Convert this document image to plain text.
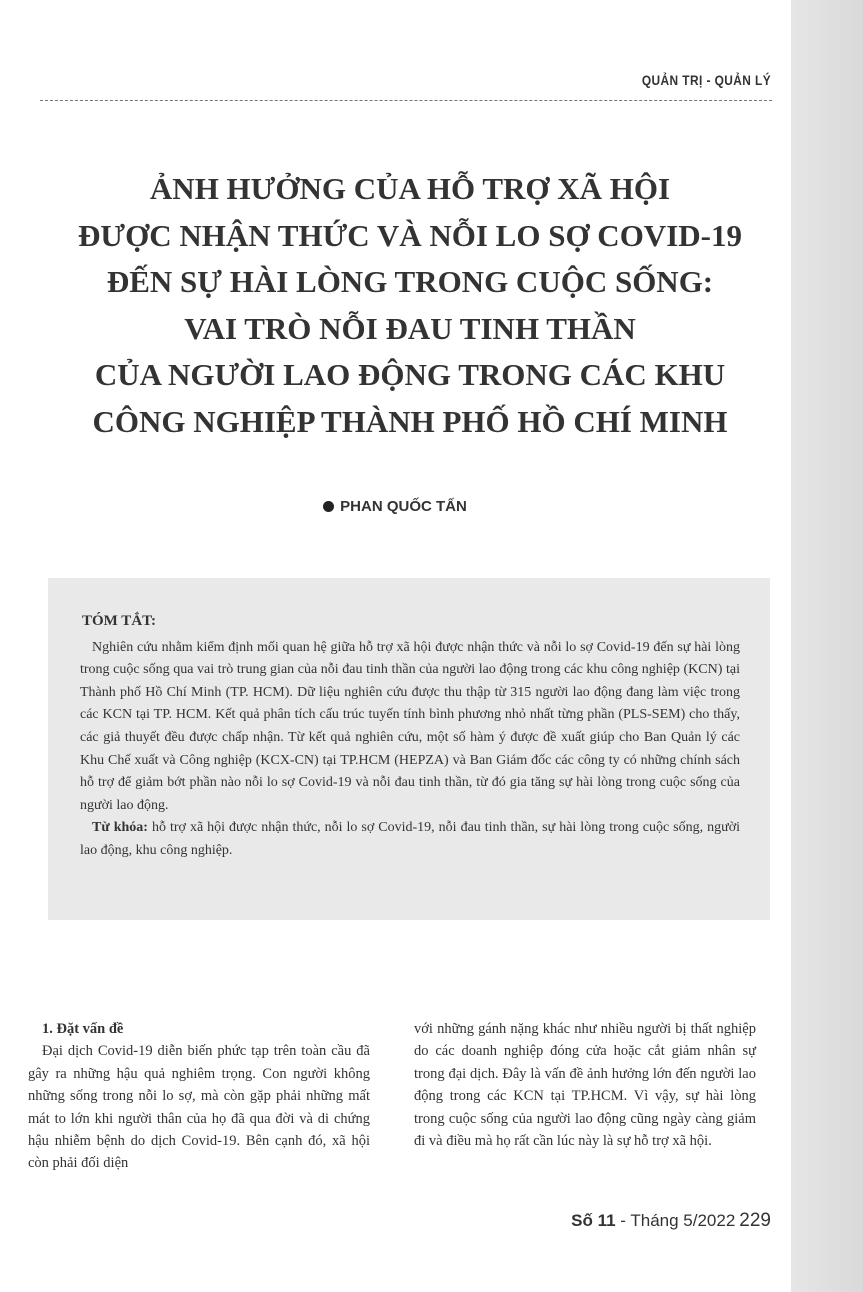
QUẢN TRỊ - QUẢN LÝ
ẢNH HƯỞNG CỦA HỖ TRỢ XÃ HỘI
ĐƯỢC NHẬN THỨC VÀ NỖI LO SỢ COVID-19
ĐẾN SỰ HÀI LÒNG TRONG CUỘC SỐNG:
VAI TRÒ NỖI ĐAU TINH THẦN
CỦA NGƯỜI LAO ĐỘNG TRONG CÁC KHU
CÔNG NGHIỆP THÀNH PHỐ HỒ CHÍ MINH
PHAN QUỐC TẤN
TÓM TẮT:
Nghiên cứu nhằm kiểm định mối quan hệ giữa hỗ trợ xã hội được nhận thức và nỗi lo sợ Covid-19 đến sự hài lòng trong cuộc sống qua vai trò trung gian của nỗi đau tinh thần của người lao động trong các khu công nghiệp (KCN) tại Thành phố Hồ Chí Minh (TP. HCM). Dữ liệu nghiên cứu được thu thập từ 315 người lao động đang làm việc trong các KCN tại TP. HCM. Kết quả phân tích cấu trúc tuyến tính bình phương nhỏ nhất từng phần (PLS-SEM) cho thấy, các giả thuyết đều được chấp nhận. Từ kết quả nghiên cứu, một số hàm ý được đề xuất giúp cho Ban Quản lý các Khu Chế xuất và Công nghiệp (KCX-CN) tại TP.HCM (HEPZA) và Ban Giám đốc các công ty có những chính sách hỗ trợ để giảm bớt phần nào nỗi lo sợ Covid-19 và nỗi đau tinh thần, từ đó gia tăng sự hài lòng trong cuộc sống của người lao động.
Từ khóa: hỗ trợ xã hội được nhận thức, nỗi lo sợ Covid-19, nỗi đau tinh thần, sự hài lòng trong cuộc sống, người lao động, khu công nghiệp.
1. Đặt vấn đề

Đại dịch Covid-19 diễn biến phức tạp trên toàn cầu đã gây ra những hậu quả nghiêm trọng. Con người không những sống trong nỗi lo sợ, mà còn gặp phải những mất mát to lớn khi người thân của họ đã qua đời và di chứng hậu nhiễm bệnh do dịch Covid-19. Bên cạnh đó, xã hội còn phải đối diện

với những gánh nặng khác như nhiều người bị thất nghiệp do các doanh nghiệp đóng cửa hoặc cắt giảm nhân sự trong đại dịch. Đây là vấn đề ảnh hưởng lớn đến người lao động trong các KCN tại TP.HCM. Vì vậy, sự hài lòng trong cuộc sống của người lao động cũng ngày càng giảm đi và điều mà họ rất cần lúc này là sự hỗ trợ xã hội.

Số 11 - Tháng 5/2022 229
